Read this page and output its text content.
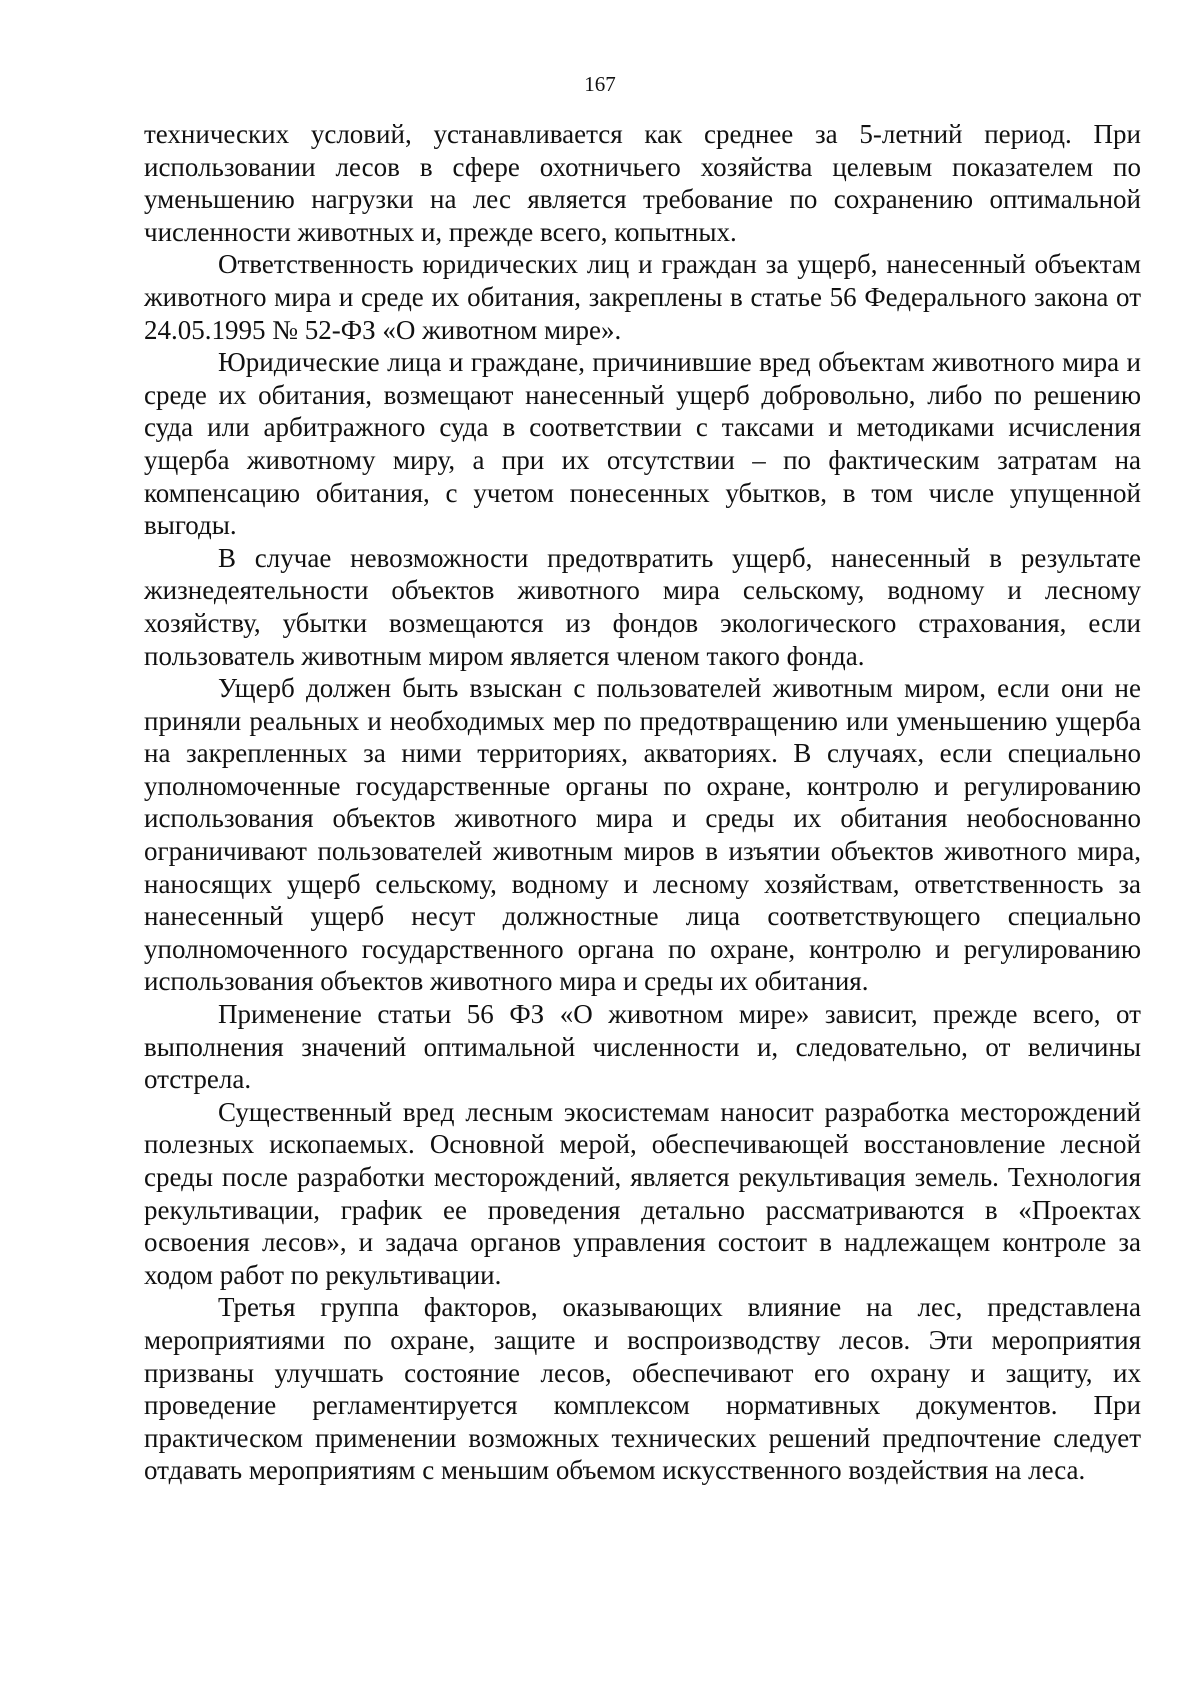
167

технических условий, устанавливается как среднее за 5-летний период. При использовании лесов в сфере охотничьего хозяйства целевым показателем по уменьшению нагрузки на лес является требование по сохранению оптимальной численности животных и, прежде всего, копытных.

Ответственность юридических лиц и граждан за ущерб, нанесенный объектам животного мира и среде их обитания, закреплены в статье 56 Федерального закона от 24.05.1995 № 52-ФЗ «О животном мире».

Юридические лица и граждане, причинившие вред объектам животного мира и среде их обитания, возмещают нанесенный ущерб добровольно, либо по решению суда или арбитражного суда в соответствии с таксами и методиками исчисления ущерба животному миру, а при их отсутствии – по фактическим затратам на компенсацию обитания, с учетом понесенных убытков, в том числе упущенной выгоды.

В случае невозможности предотвратить ущерб, нанесенный в результате жизнедеятельности объектов животного мира сельскому, водному и лесному хозяйству, убытки возмещаются из фондов экологического страхования, если пользователь животным миром является членом такого фонда.

Ущерб должен быть взыскан с пользователей животным миром, если они не приняли реальных и необходимых мер по предотвращению или уменьшению ущерба на закрепленных за ними территориях, акваториях. В случаях, если специально уполномоченные государственные органы по охране, контролю и регулированию использования объектов животного мира и среды их обитания необоснованно ограничивают пользователей животным миров в изъятии объектов животного мира, наносящих ущерб сельскому, водному и лесному хозяйствам, ответственность за нанесенный ущерб несут должностные лица соответствующего специально уполномоченного государственного органа по охране, контролю и регулированию использования объектов животного мира и среды их обитания.

Применение статьи 56 ФЗ «О животном мире» зависит, прежде всего, от выполнения значений оптимальной численности и, следовательно, от величины отстрела.

Существенный вред лесным экосистемам наносит разработка месторождений полезных ископаемых. Основной мерой, обеспечивающей восстановление лесной среды после разработки месторождений, является рекультивация земель. Технология рекультивации, график ее проведения детально рассматриваются в «Проектах освоения лесов», и задача органов управления состоит в надлежащем контроле за ходом работ по рекультивации.

Третья группа факторов, оказывающих влияние на лес, представлена мероприятиями по охране, защите и воспроизводству лесов. Эти мероприятия призваны улучшать состояние лесов, обеспечивают его охрану и защиту, их проведение регламентируется комплексом нормативных документов. При практическом применении возможных технических решений предпочтение следует отдавать мероприятиям с меньшим объемом искусственного воздействия на леса.
